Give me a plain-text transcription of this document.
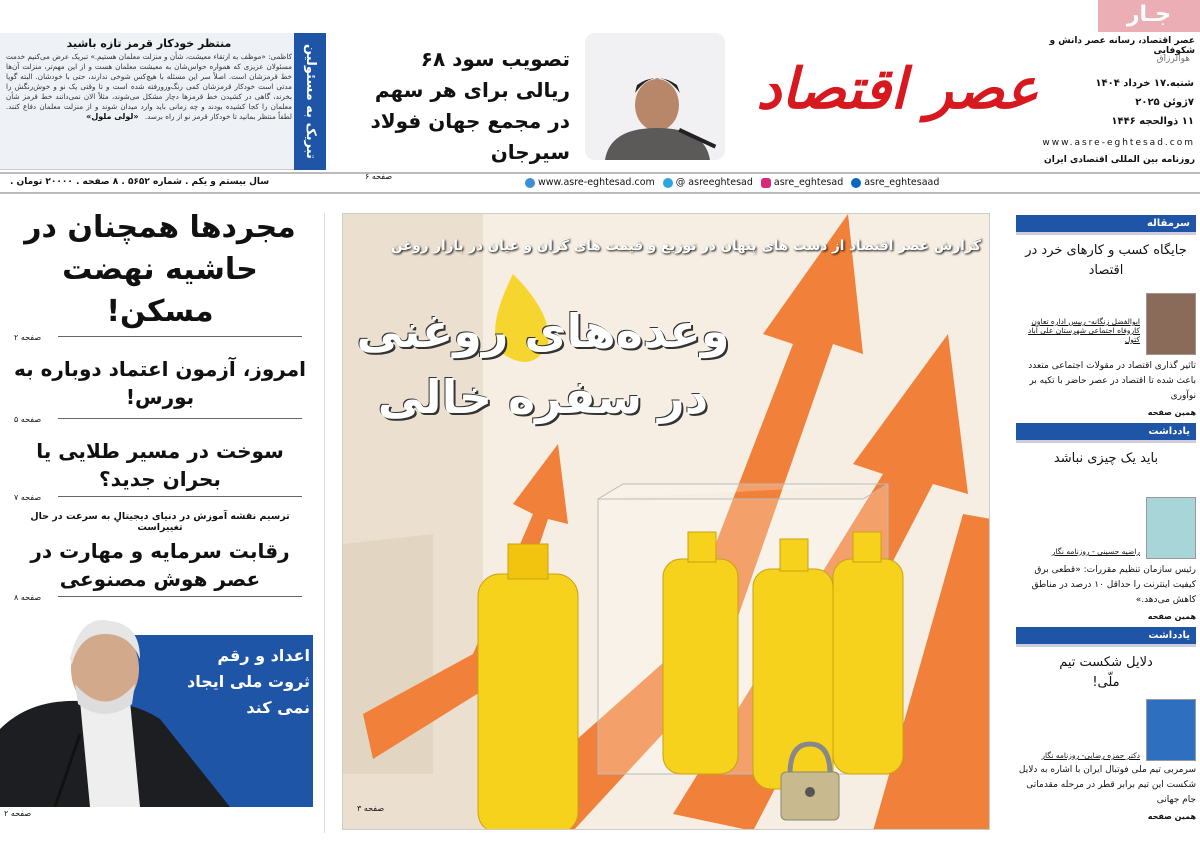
جـار
عصر اقتصاد
عصر اقتصاد، رسانه عصر دانش و شکوفایی
هوالرزاق
شنبه.۱۷ خرداد ۱۴۰۴
۷ژوئن ۲۰۲۵
۱۱ ذوالحجه ۱۴۴۶
www.asre-eghtesad.com
روزنامه بین المللی اقتصادی ایران
تبریک به مسئولین
منتظر خودکار قرمز تازه باشید
کاظمی: «موظف به ارتقاء معیشت، شأن و منزلت معلمان هستیم.» تبریک عرض می‌کنیم خدمت مسئولان عزیزی که همواره حواس‌شان به معیشت معلمان هست و از این مهم‌تر، منزلت آن‌ها خط قرمزشان است. اصلاً سر این مسئله با هیچ‌کس شوخی ندارند، حتی با خودشان. البته گویا مدتی است خودکار قرمزشان کمی رنگ‌ورورفته شده است و تا وقتی یک نو و خوش‌رنگش را بخرند، گاهی در کشیدن خط قرمزها دچار مشکل می‌شوند، مثلاً الان نمی‌دانند خط قرمز شأن معلمان را کجا کشیده بودند و چه زمانی باید وارد میدان شوند و از منزلت معلمان دفاع کنند. لطفاً منتظر بمانید تا خودکار قرمز نو از راه برسد. «لولی ملول»
تصویب سود ۶۸ ریالی برای هر سهم در مجمع جهان فولاد سیرجان
صفحه ۶
سال بیستم و یکم . شماره ۵۶۵۲ . ۸ صفحه . ۲۰۰۰۰ تومان .	www.asre-eghtesad.com	@ asreeghtesad	asre_eghtesad	asre_eghtesaad
مجردها همچنان در حاشیه نهضت مسکن!
صفحه ۲
امروز، آزمون اعتماد دوباره به بورس!
صفحه ۵
سوخت در مسیر طلایی یا بحران جدید؟
صفحه ۷
ترسیم نقشه آموزش در دنیای دیجیتالِ به سرعت در حال تغییراست
رقابت سرمایه و مهارت در عصر هوش مصنوعی
صفحه ۸
اعداد و رقم ثروت ملی ایجاد نمی کند
صفحه ۲
گزارش عصر اقتصاد از دست های پنهان در توزیع و قیمت های گران و عیان در بازار روغن
وعده‌های روغنی
در سفره خالی
صفحه ۳
سرمقاله
جایگاه کسب و کارهای خرد در اقتصاد
ابوالفضل زنگانه- رییس اداره تعاون کاروفاه اجتماعی شهرستان علی آباد کتول
تاثیر گذاری اقتصاد در مقولات اجتماعی متعدد باعث شده تا اقتصاد در عصر حاضر با تکیه بر نوآوری
همین صفحه
یادداشت
باید یک چیزی نباشد
راضیه حسینی - روزنامه نگار
رئیس سازمان تنظیم مقررات: «قطعی برق کیفیت اینترنت را حداقل ۱۰ درصد در مناطق کاهش می‌دهد.»
همین صفحه
یادداشت
دلایل شکست تیم ملّی!
دکتر حمزه رضایی- روزنامه نگار
سرمربی تیم ملی فوتبال ایران با اشاره به دلایل شکست این تیم برابر قطر در مرحله مقدماتی جام جهانی
همین صفحه
